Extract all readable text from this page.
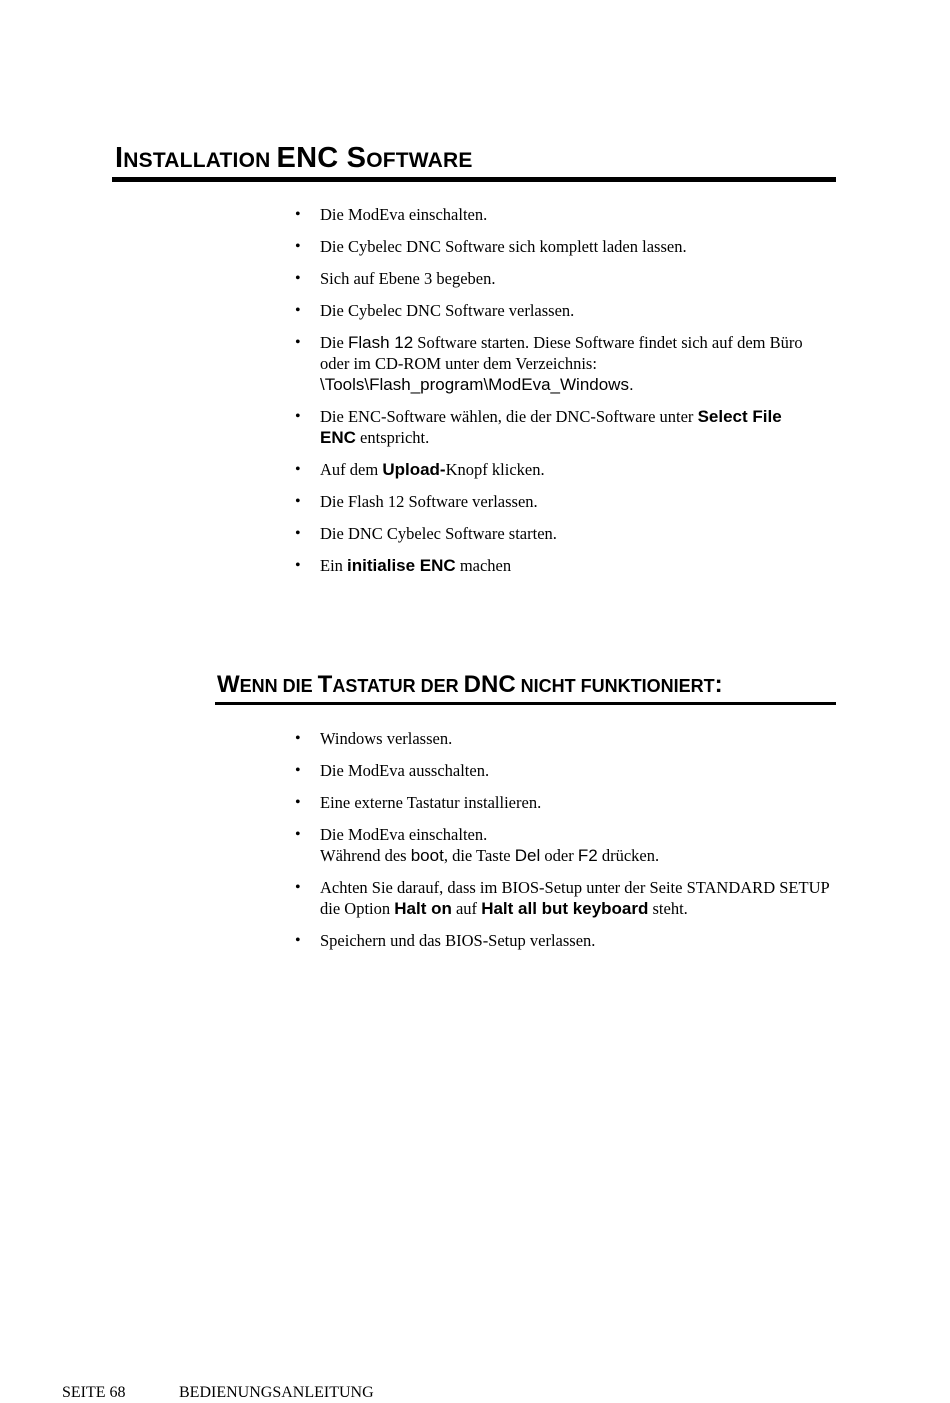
INSTALLATION ENC SOFTWARE
• Die ModEva einschalten.
• Die Cybelec DNC Software sich komplett laden lassen.
• Sich auf Ebene 3 begeben.
• Die Cybelec DNC Software verlassen.
• Die Flash 12 Software starten. Diese Software findet sich auf dem Büro oder im CD-ROM unter dem Verzeichnis:
\Tools\Flash_program\ModEva_Windows.
• Die ENC-Software wählen, die der DNC-Software unter Select File
ENC entspricht.
• Auf dem Upload-Knopf klicken.
• Die Flash 12 Software verlassen.
• Die DNC Cybelec Software starten.
• Ein initialise ENC machen
WENN DIE TASTATUR DER DNC NICHT FUNKTIONIERT:
• Windows verlassen.
• Die ModEva ausschalten.
• Eine externe Tastatur installieren.
• Die ModEva einschalten.
Während des boot, die Taste Del oder F2 drücken.
• Achten Sie darauf, dass im BIOS-Setup unter der Seite STANDARD SETUP die Option Halt on auf Halt all but keyboard steht.
• Speichern und das BIOS-Setup verlassen.
SEITE 68	BEDIENUNGSANLEITUNG
